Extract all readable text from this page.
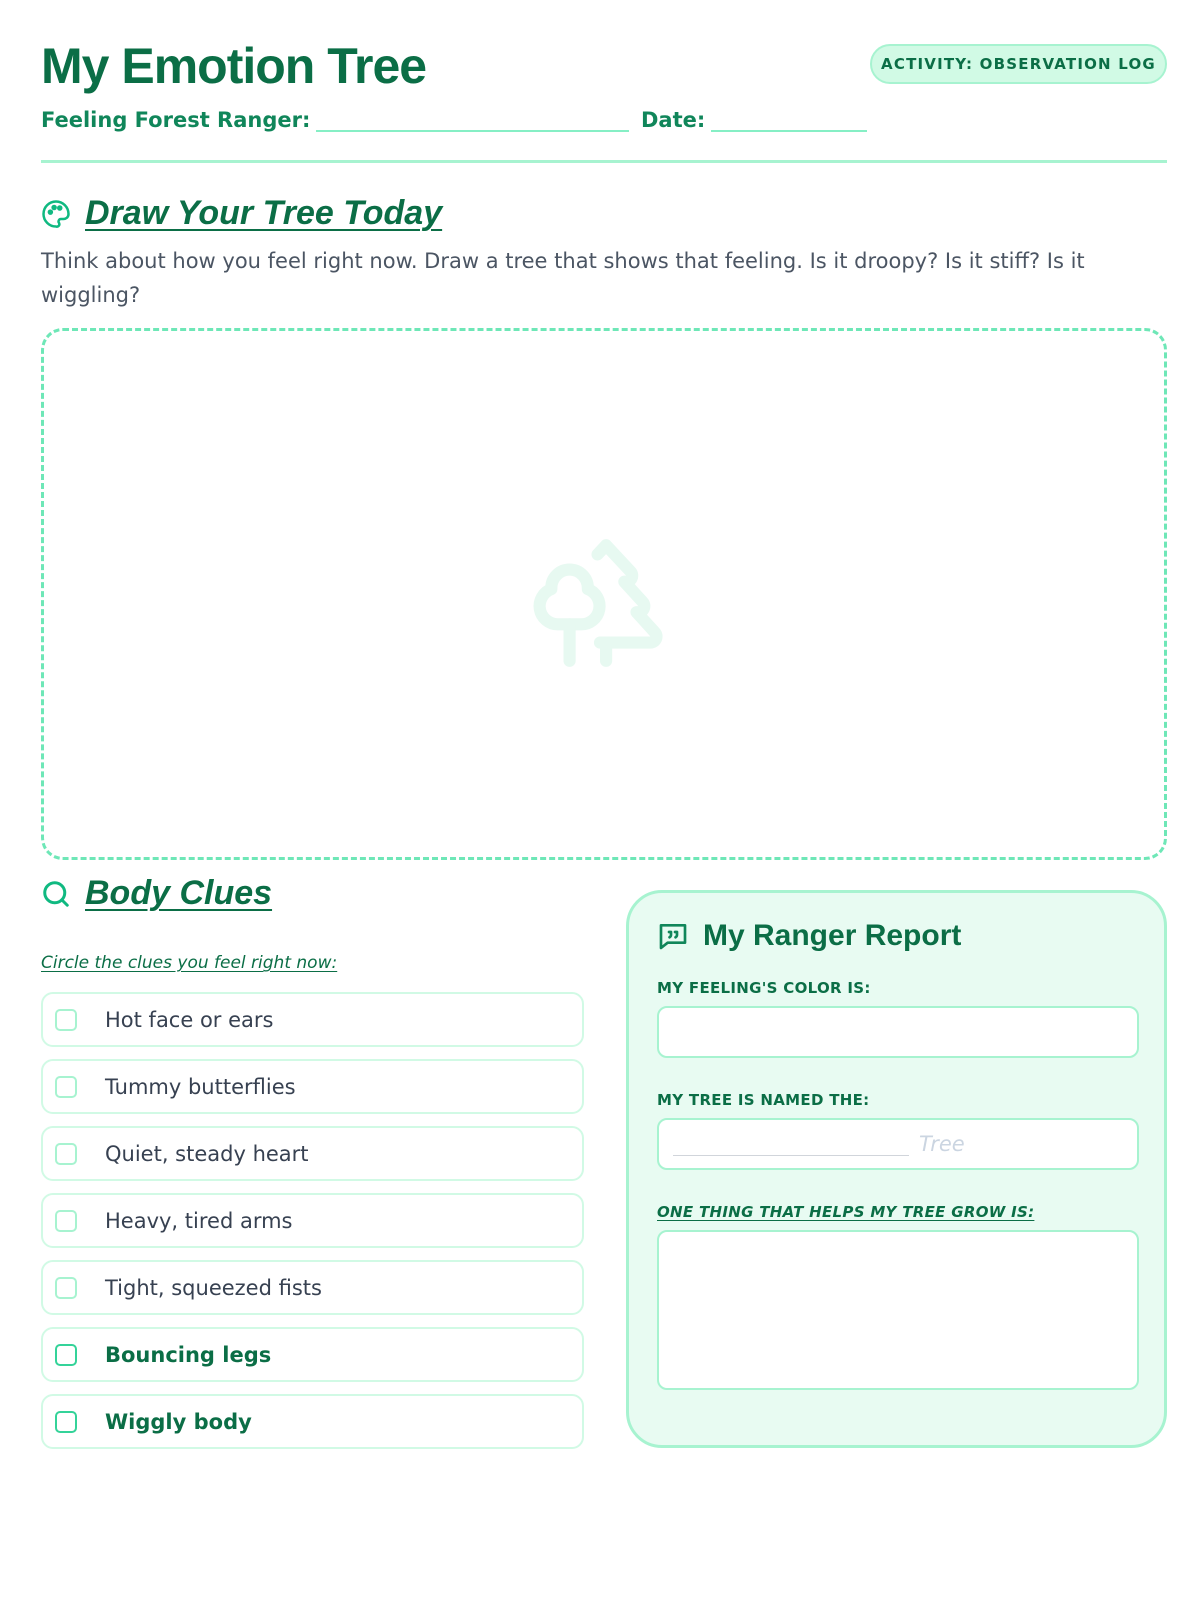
My Emotion Tree	ACTIVITY: OBSERVATION LOG
Feeling Forest Ranger:	Date:
Draw Your Tree Today

Think about how you feel right now. Draw a tree that shows that feeling. Is it droopy? Is it stiff? Is it wiggling?

Body Clues
Circle the clues you feel right now:
Hot face or ears
Tummy butterflies
Quiet, steady heart
Heavy, tired arms
Tight, squeezed fists
Bouncing legs
Wiggly body
My Ranger Report
MY FEELING'S COLOR IS:
MY TREE IS NAMED THE:
Tree
ONE THING THAT HELPS MY TREE GROW IS:
